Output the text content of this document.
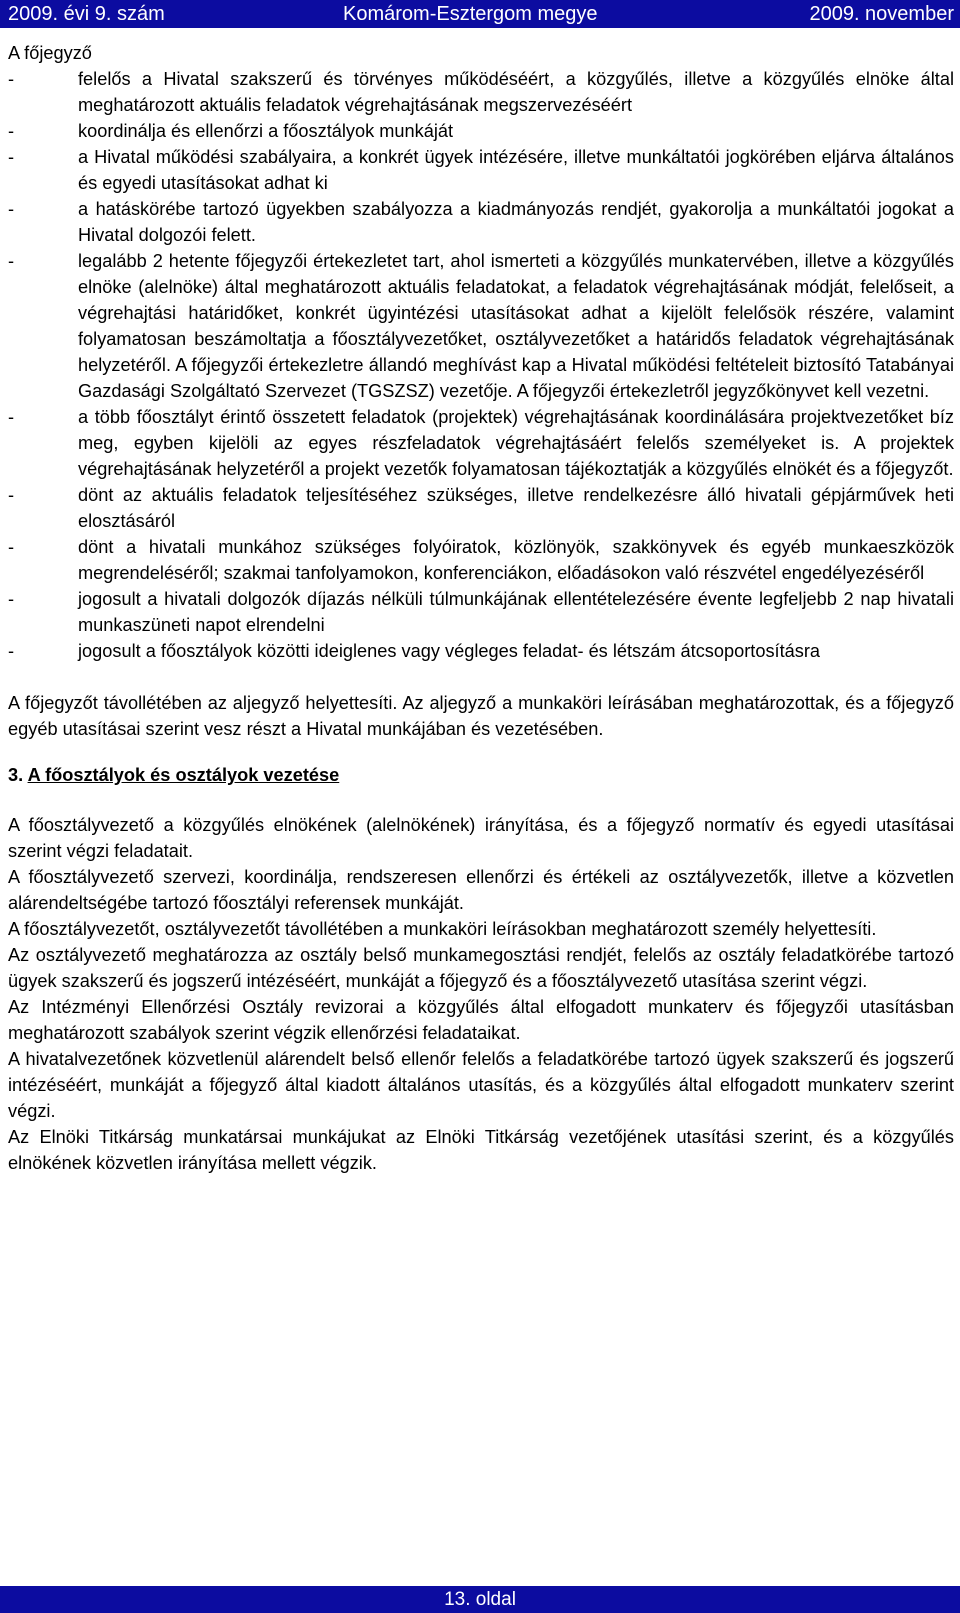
2009. évi 9. szám	Komárom-Esztergom megye	2009. november

A főjegyző

-	felelős a Hivatal szakszerű és törvényes működéséért, a közgyűlés, illetve a közgyűlés elnöke által meghatározott aktuális feladatok végrehajtásának megszervezéséért
-	koordinálja és ellenőrzi a főosztályok munkáját
-	a Hivatal működési szabályaira, a konkrét ügyek intézésére, illetve munkáltatói jogkörében eljárva általános és egyedi utasításokat adhat ki
-	a hatáskörébe tartozó ügyekben szabályozza a kiadmányozás rendjét, gyakorolja a munkáltatói jogokat a Hivatal dolgozói felett.
-	legalább 2 hetente főjegyzői értekezletet tart, ahol ismerteti a közgyűlés munkatervében, illetve a közgyűlés elnöke (alelnöke) által meghatározott aktuális feladatokat, a feladatok végrehajtásának módját, felelőseit, a végrehajtási határidőket, konkrét ügyintézési utasításokat adhat a kijelölt felelősök részére, valamint folyamatosan beszámoltatja a főosztályvezetőket, osztályvezetőket a határidős feladatok végrehajtásának helyzetéről. A főjegyzői értekezletre állandó meghívást kap a Hivatal működési feltételeit biztosító Tatabányai Gazdasági Szolgáltató Szervezet (TGSZSZ) vezetője. A főjegyzői értekezletről jegyzőkönyvet kell vezetni.
-	a több főosztályt érintő összetett feladatok (projektek) végrehajtásának koordinálására projektvezetőket bíz meg, egyben kijelöli az egyes részfeladatok végrehajtásáért felelős személyeket is. A projektek végrehajtásának helyzetéről a projekt vezetők folyamatosan tájékoztatják a közgyűlés elnökét és a főjegyzőt.
-	dönt az aktuális feladatok teljesítéséhez szükséges, illetve rendelkezésre álló hivatali gépjárművek heti elosztásáról
-	dönt a hivatali munkához szükséges folyóiratok, közlönyök, szakkönyvek és egyéb munkaeszközök megrendeléséről; szakmai tanfolyamokon, konferenciákon, előadásokon való részvétel engedélyezéséről
-	jogosult a hivatali dolgozók díjazás nélküli túlmunkájának ellentételezésére évente legfeljebb 2 nap hivatali munkaszüneti napot elrendelni
-	jogosult a főosztályok közötti ideiglenes vagy végleges feladat- és létszám átcsoportosításra

A főjegyzőt távollétében az aljegyző helyettesíti. Az aljegyző a munkaköri leírásában meghatározottak, és a főjegyző egyéb utasításai szerint vesz részt a Hivatal munkájában és vezetésében.

3. A főosztályok és osztályok vezetése

A főosztályvezető a közgyűlés elnökének (alelnökének) irányítása, és a főjegyző normatív és egyedi utasításai szerint végzi feladatait.

A főosztályvezető szervezi, koordinálja, rendszeresen ellenőrzi és értékeli az osztályvezetők, illetve a közvetlen alárendeltségébe tartozó főosztályi referensek munkáját.

A főosztályvezetőt, osztályvezetőt távollétében a munkaköri leírásokban meghatározott személy helyettesíti.

Az osztályvezető meghatározza az osztály belső munkamegosztási rendjét, felelős az osztály feladatkörébe tartozó ügyek szakszerű és jogszerű intézéséért, munkáját a főjegyző és a főosztályvezető utasítása szerint végzi.

Az Intézményi Ellenőrzési Osztály revizorai a közgyűlés által elfogadott munkaterv és főjegyzői utasításban meghatározott szabályok szerint végzik ellenőrzési feladataikat.

A hivatalvezetőnek közvetlenül alárendelt belső ellenőr felelős a feladatkörébe tartozó ügyek szakszerű és jogszerű intézéséért, munkáját a főjegyző által kiadott általános utasítás, és a közgyűlés által elfogadott munkaterv szerint végzi.

Az Elnöki Titkárság munkatársai munkájukat az Elnöki Titkárság vezetőjének utasítási szerint, és a közgyűlés elnökének közvetlen irányítása mellett végzik.

13. oldal
